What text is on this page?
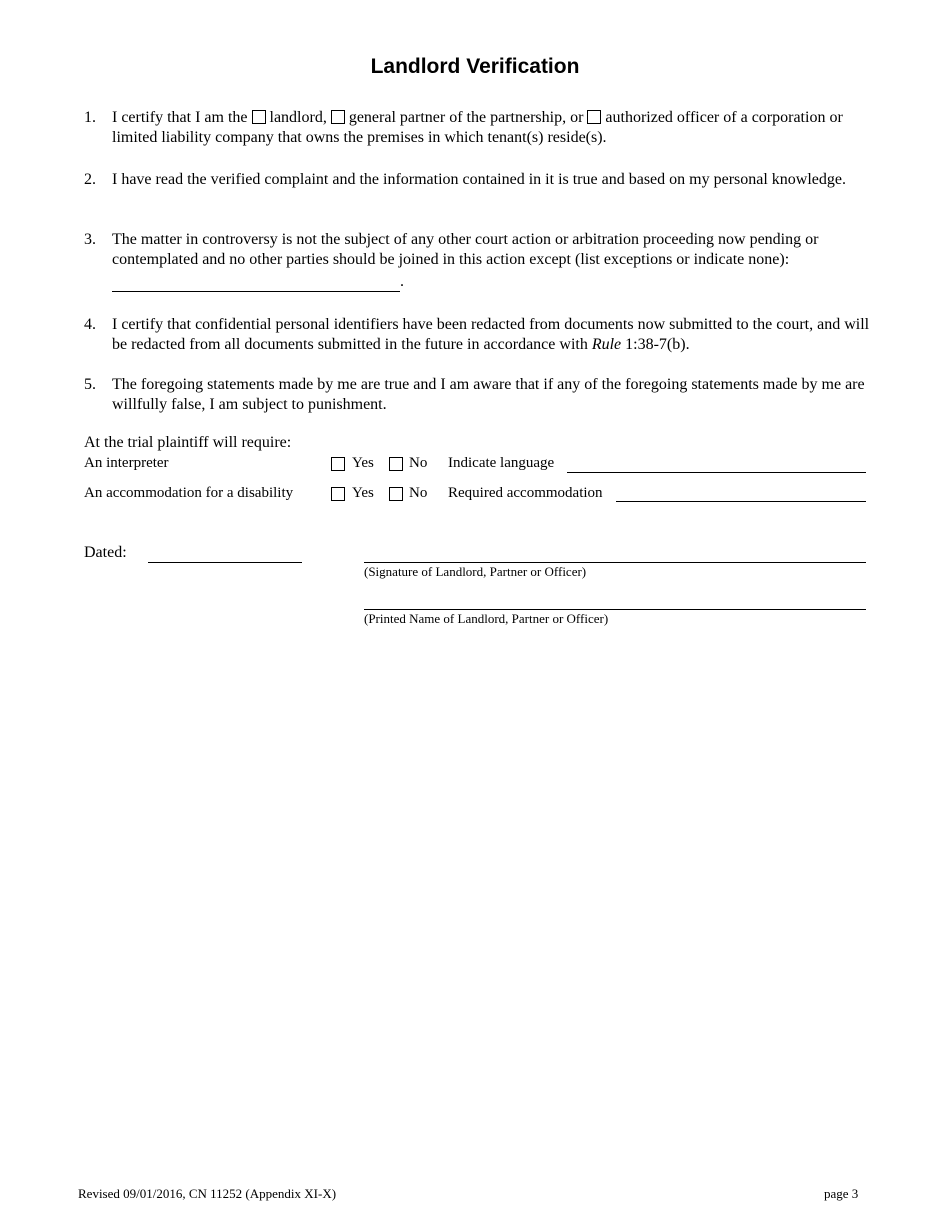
Landlord Verification
1. I certify that I am the landlord, general partner of the partnership, or authorized officer of a corporation or limited liability company that owns the premises in which tenant(s) reside(s).
2. I have read the verified complaint and the information contained in it is true and based on my personal knowledge.
3. The matter in controversy is not the subject of any other court action or arbitration proceeding now pending or contemplated and no other parties should be joined in this action except (list exceptions or indicate none):
.
4. I certify that confidential personal identifiers have been redacted from documents now submitted to the court, and will be redacted from all documents submitted in the future in accordance with Rule 1:38-7(b).
5. The foregoing statements made by me are true and I am aware that if any of the foregoing statements made by me are willfully false, I am subject to punishment.
At the trial plaintiff will require:
An interpreter	Yes No Indicate language
An accommodation for a disability	Yes No Required accommodation
Dated:
(Signature of Landlord, Partner or Officer)
(Printed Name of Landlord, Partner or Officer)
Revised 09/01/2016, CN 11252 (Appendix XI-X)	page 3
